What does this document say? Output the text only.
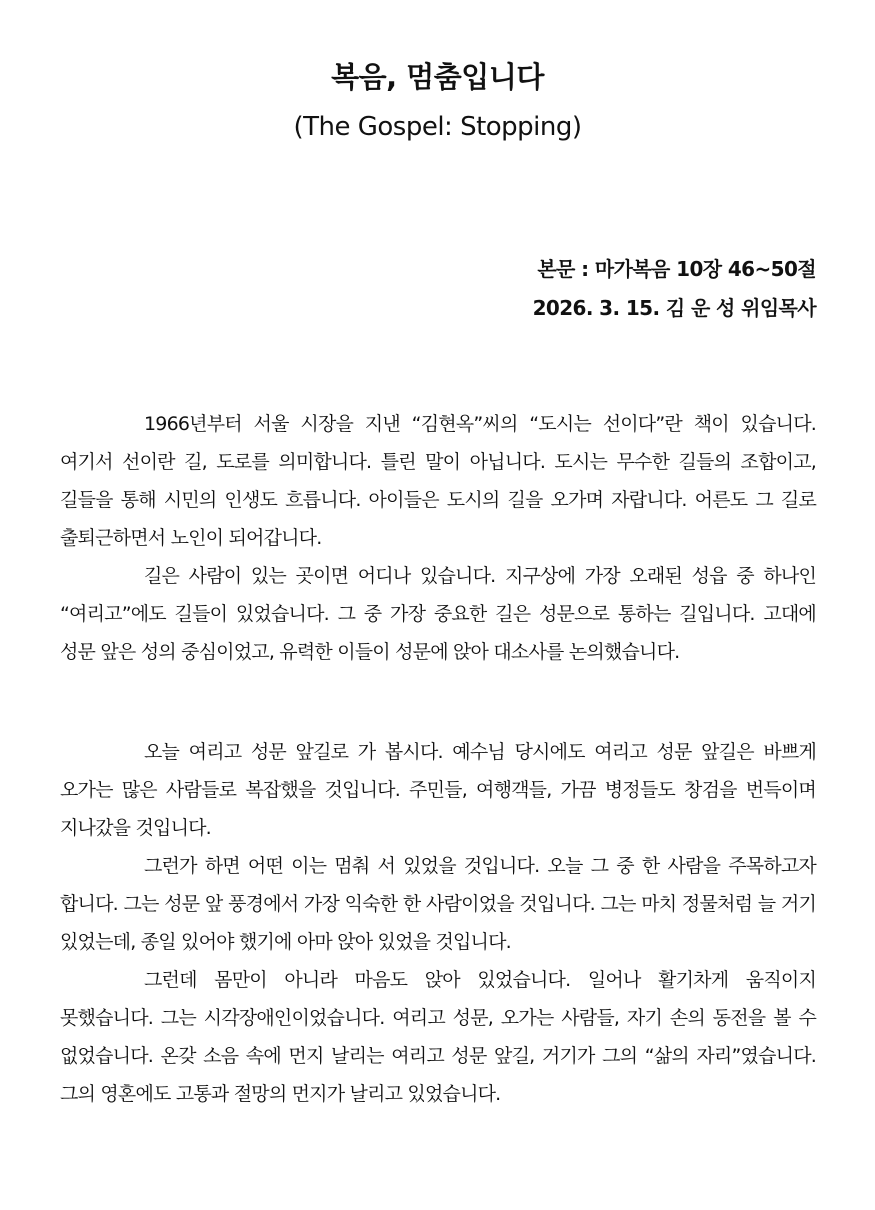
복음, 멈춤입니다
(The Gospel: Stopping)
본문 : 마가복음 10장 46~50절
2026. 3. 15. 김 운 성 위임목사

1966년부터 서울 시장을 지낸 “김현옥”씨의 “도시는 선이다”란 책이 있습니다. 여기서 선이란 길, 도로를 의미합니다. 틀린 말이 아닙니다. 도시는 무수한 길들의 조합이고, 길들을 통해 시민의 인생도 흐릅니다. 아이들은 도시의 길을 오가며 자랍니다. 어른도 그 길로 출퇴근하면서 노인이 되어갑니다.

길은 사람이 있는 곳이면 어디나 있습니다. 지구상에 가장 오래된 성읍 중 하나인 “여리고”에도 길들이 있었습니다. 그 중 가장 중요한 길은 성문으로 통하는 길입니다. 고대에 성문 앞은 성의 중심이었고, 유력한 이들이 성문에 앉아 대소사를 논의했습니다.

오늘 여리고 성문 앞길로 가 봅시다. 예수님 당시에도 여리고 성문 앞길은 바쁘게 오가는 많은 사람들로 복잡했을 것입니다. 주민들, 여행객들, 가끔 병정들도 창검을 번득이며 지나갔을 것입니다.

그런가 하면 어떤 이는 멈춰 서 있었을 것입니다. 오늘 그 중 한 사람을 주목하고자 합니다. 그는 성문 앞 풍경에서 가장 익숙한 한 사람이었을 것입니다. 그는 마치 정물처럼 늘 거기 있었는데, 종일 있어야 했기에 아마 앉아 있었을 것입니다.

그런데 몸만이 아니라 마음도 앉아 있었습니다. 일어나 활기차게 움직이지 못했습니다. 그는 시각장애인이었습니다. 여리고 성문, 오가는 사람들, 자기 손의 동전을 볼 수 없었습니다. 온갖 소음 속에 먼지 날리는 여리고 성문 앞길, 거기가 그의 “삶의 자리”였습니다. 그의 영혼에도 고통과 절망의 먼지가 날리고 있었습니다.
